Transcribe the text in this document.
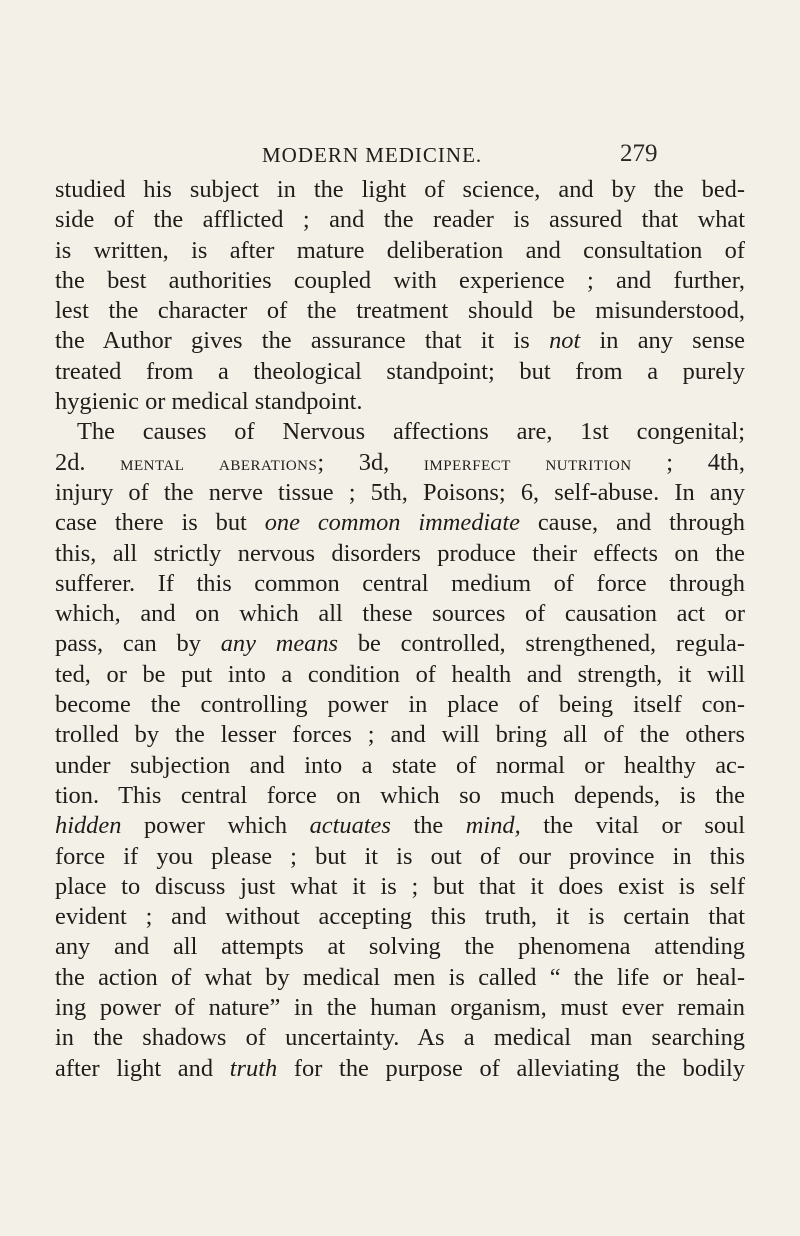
MODERN MEDICINE.	279
studied his subject in the light of science, and by the bed-
side of the afflicted ; and the reader is assured that what
is written, is after mature deliberation and consultation of
the best authorities coupled with experience ; and further,
lest the character of the treatment should be misunderstood,
the Author gives the assurance that it is not in any sense
treated from a theological standpoint; but from a purely
hygienic or medical standpoint.
The causes of Nervous affections are, 1st congenital;
2d. mental aberations; 3d, imperfect nutrition ; 4th,
injury of the nerve tissue ; 5th, Poisons; 6, self-abuse. In any
case there is but one common immediate cause, and through
this, all strictly nervous disorders produce their effects on the
sufferer. If this common central medium of force through
which, and on which all these sources of causation act or
pass, can by any means be controlled, strengthened, regula-
ted, or be put into a condition of health and strength, it will
become the controlling power in place of being itself con-
trolled by the lesser forces ; and will bring all of the others
under subjection and into a state of normal or healthy ac-
tion. This central force on which so much depends, is the
hidden power which actuates the mind, the vital or soul
force if you please ; but it is out of our province in this
place to discuss just what it is ; but that it does exist is self
evident ; and without accepting this truth, it is certain that
any and all attempts at solving the phenomena attending
the action of what by medical men is called “ the life or heal-
ing power of nature” in the human organism, must ever remain
in the shadows of uncertainty. As a medical man searching
after light and truth for the purpose of alleviating the bodily
